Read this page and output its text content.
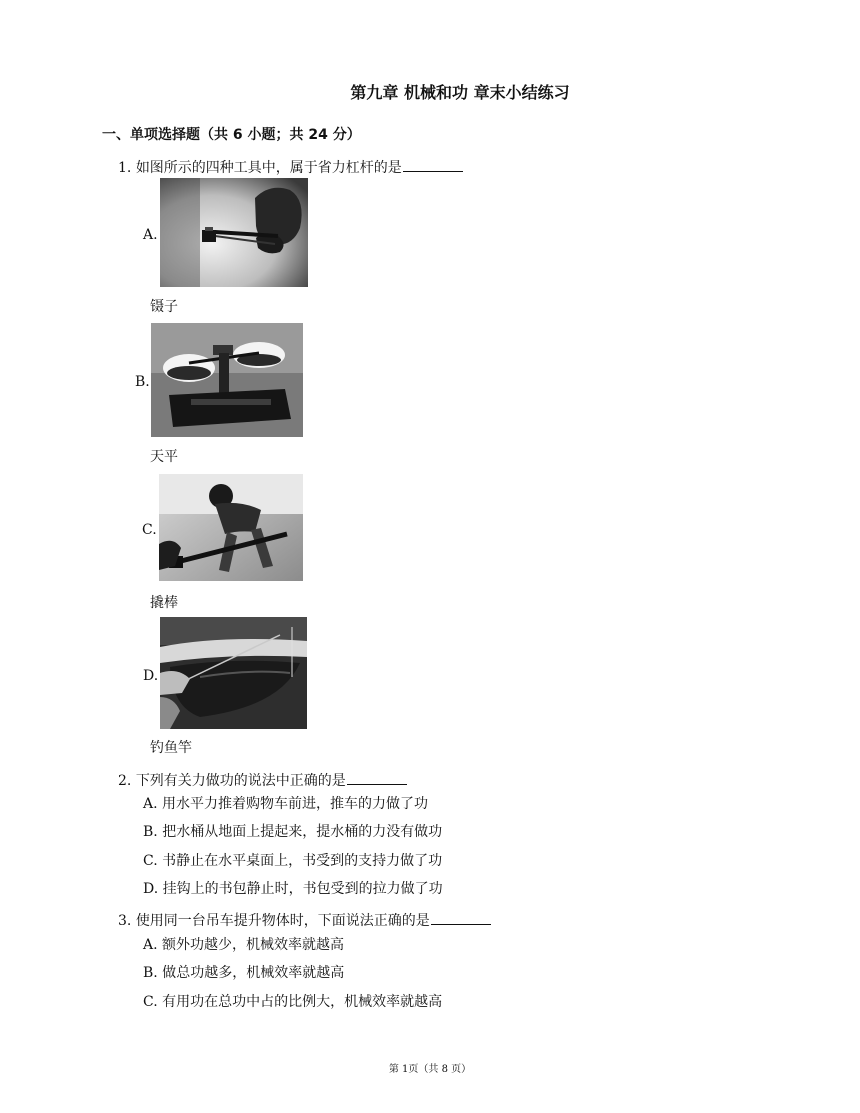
第九章 机械和功 章末小结练习
一、单项选择题（共 6 小题；共 24 分）
1. 如图所示的四种工具中，属于省力杠杆的是
A.
镊子
B.
天平
C.
撬棒
D.
钓鱼竿
2. 下列有关力做功的说法中正确的是
A. 用水平力推着购物车前进，推车的力做了功
B. 把水桶从地面上提起来，提水桶的力没有做功
C. 书静止在水平桌面上，书受到的支持力做了功
D. 挂钩上的书包静止时，书包受到的拉力做了功
3. 使用同一台吊车提升物体时，下面说法正确的是
A. 额外功越少，机械效率就越高
B. 做总功越多，机械效率就越高
C. 有用功在总功中占的比例大，机械效率就越高
第 1页（共 8 页）
